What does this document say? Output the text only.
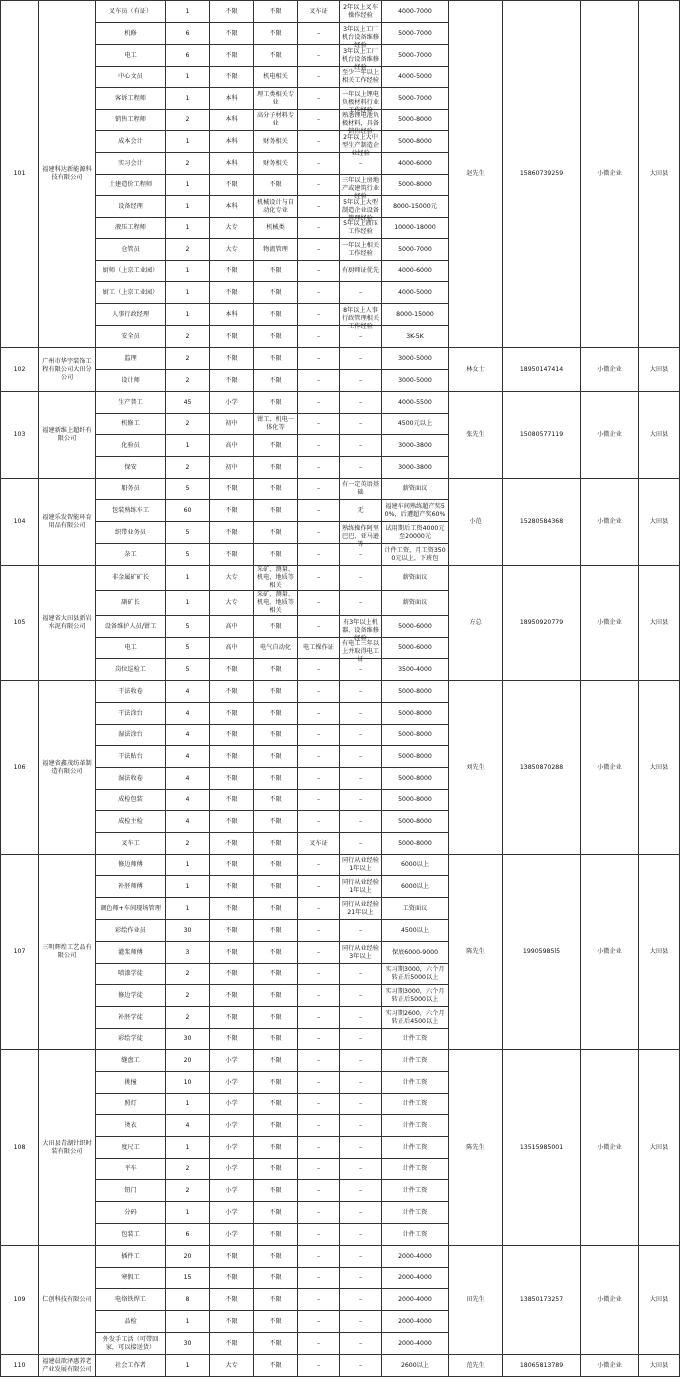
101	福建科达新能源科技有限公司	叉车员（有证）	1	不限	不限	叉车证	2年以上叉车操作经验	4000-7000	赵先生	15860739259	小微企业	大田县
		机修	6	不限	不限	–	3年以上工厂机台设备维修经验	5000-7000				

		电工	6	不限	不限	–	3年以上工厂机台设备维修经验	5000-7000				

		中心文员	1	不限	机电相关	–	至少一年以上相关工作经验	4000-5000				

		客诉工程师	1	本科	理工类相关专业	–	一年以上锂电负极材料行业工作经验	5000-7000				

		销售工程师	2	本科	高分子材料专业	–	熟悉锂电池负极材料，具备销售经验	5000-8000				

		成本会计	1	本科	财务相关	–	2年以上大中型生产制造企业经验	5000-8000				

		实习会计	2	本科	财务相关	–	–	4000-6000				

		土建造价工程师	1	不限	不限	–	三年以上房地产或建筑行业经验	5000-8000				

		设备经理	1	本科	机械设计与自动化专业	–	5年以上大型制造企业设备管理经验	8000-15000元				

		液压工程师	1	大专	机械类	–	5年以上液压工作经验	10000-18000				

		仓管员	2	大专	物流管理	–	一年以上相关工作经验	5000-7000				

		厨师（上京工业园）	1	不限	不限	–	有厨师证优先	4000-6000				

		厨工（上京工业园）	1	不限	不限	–	–	4000-5000				

		人事行政经理	1	本科	不限	–	8年以上人事行政管理相关工作经验	8000-15000				

		安全员	2	不限	不限	–	–	3K-5K				

102	广州市华宇装饰工程有限公司大田分公司	监理	2	不限	不限	–	–	3000-5000	林女士	18950147414	小微企业	大田县
		设计师	2	不限	不限	–	–	3000-5000				

103	福建新维上超纤有限公司	生产普工	45	小学	不限	–	–	4000-5500	张先生	15080577119	小微企业	大田县
		机修工	2	初中	钳工、机电一体化等	–	–	4500元以上				

		化验员	1	高中	不限	–	–	3000-3800				

		保安	2	初中	不限	–	–	3000-3800				

104	福建乐发智能环育用品有限公司	船务员	5	不限	不限	–	有一定英语基础	薪资面议	小范	15280584368	小微企业	大田县
		包装熟练车工	60	不限	不限	–	无	福建车间熟练超产奖50%，后遭超产奖60%				

		织带业务员	5	不限	不限	–	熟练操作阿里巴巴、亚马逊等	试用期后工资4000元至20000元				

		杂工	5	不限	不限	–	–	计件工资，月工资3500元以上，下班包				

105	福建省大田县新岩水泥有限公司	非金属矿矿长	1	大专	采矿、测量、机电、地质等相关	–	–	薪资面议	方总	18950920779	小微企业	大田县
		副矿长	1	大专	采矿、测量、机电、地质等相关	–	–	薪资面议				

		设备维护人员/钳工	5	高中	不限	–	有3年以上机器、设备维修经验	5000-6000				

		电工	5	高中	电气自动化	电工操作证	有电工三年以上并取得电工证	5000-6000				

		岗位巡检工	5	不限	不限	–	–	3500-4000				

106	福建省鑫茂纺革制造有限公司	干法收卷	4	不限	不限	–	–	5000-8000	刘先生	13850870288	小微企业	大田县
		干法涂台	4	不限	不限	–	–	5000-8000				

		湿法涂台	4	不限	不限	–	–	5000-8000				

		干法贴台	4	不限	不限	–	–	5000-8000				

		湿法收卷	4	不限	不限	–	–	5000-8000				

		成检包装	4	不限	不限	–	–	5000-8000				

		成检主检	4	不限	不限	–	–	5000-8000				

		叉车工	2	不限	不限	叉车证	–	5000-8000				

107	三明辉煌工艺品有限公司	修边师傅	1	不限	不限	–	同行从业经验1年以上	6000以上	陈先生	19905985l5	小微企业	大田县
		补胚师傅	1	不限	不限	–	同行从业经验1年以上	6000以上				

		调色师+车间现场管理	1	不限	不限	–	同行从业经验21年以上	工资面议				

		彩绘作业员	30	不限	不限	–	–	4500以上				

		灌浆师傅	3	不限	不限	–	同行从业经验3年以上	保底6000-9000				

		喷漆学徒	2	不限	不限	–	–	实习期3000，六个月转正后5000以上				

		修边学徒	2	不限	不限	–	–	实习期3000，六个月转正后5000以上				

		补胚学徒	2	不限	不限	–	–	实习期2600，六个月转正后4500以上				

		彩绘学徒	30	不限	不限	–	–	计件工资				

108	大田县青湖针织时装有限公司	缝盘工	20	小学	不限	–	–	计件工资	陈先生	13515985001	小微企业	大田县
		挑撞	10	小学	不限	–	–	计件工资				

		照灯	1	小学	不限	–	–	计件工资				

		烫衣	4	小学	不限	–	–	计件工资				

		度尺工	1	小学	不限	–	–	计件工资				

		平车	2	小学	不限	–	–	计件工资				

		钮门	2	小学	不限	–	–	计件工资				

		分码	1	小学	不限	–	–	计件工资				

		包装工	6	小学	不限	–	–	计件工资				

109	仁创科技有限公司	插件工	20	不限	不限	–	–	2000-4000	田先生	13850173257	小微企业	大田县
		寒假工	15	不限	不限	–	–	2000-4000				

		电烙铁焊工	8	不限	不限	–	–	2000-4000				

		品检	1	不限	不限	–	–	2000-4000				

		外发手工活（可带回家，可以接送货）	30	不限	不限	–	–	2000-4000				

110	福建晨歆泽惠养老产业发展有限公司	社会工作者	1	大专	不限	–	–	2600以上	范先生	18065813789	小微企业	大田县
